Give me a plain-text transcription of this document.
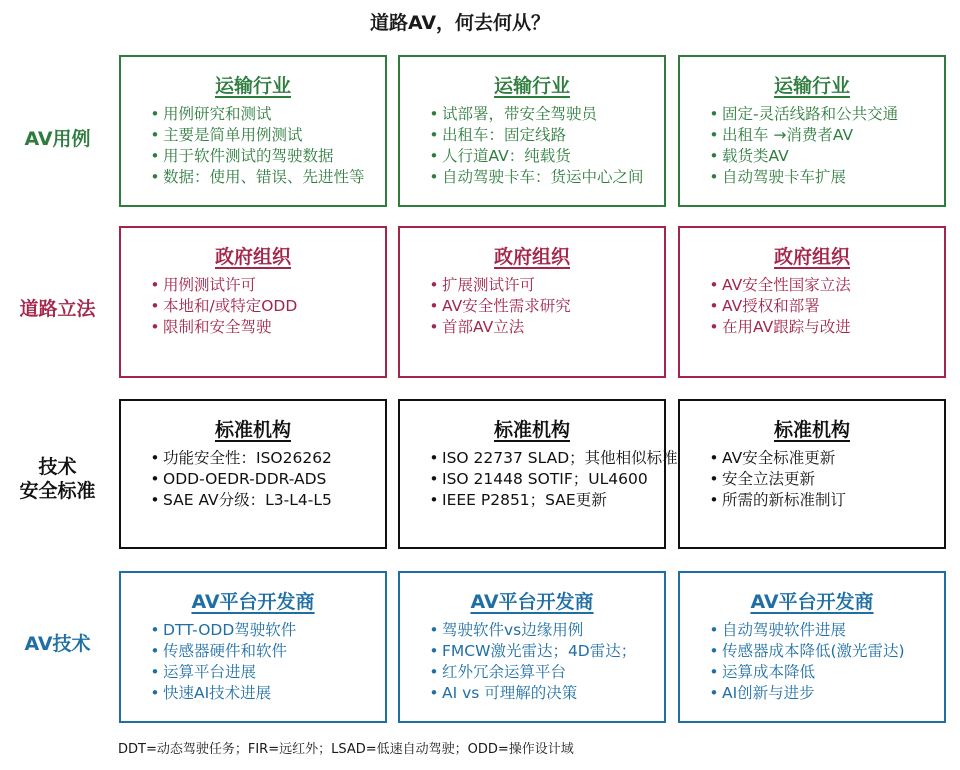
道路AV，何去何从？
AV用例
运输行业
• 用例研究和测试
• 主要是简单用例测试
• 用于软件测试的驾驶数据
• 数据：使用、错误、先进性等
运输行业
• 试部署，带安全驾驶员
• 出租车：固定线路
• 人行道AV：纯载货
• 自动驾驶卡车：货运中心之间
运输行业
• 固定-灵活线路和公共交通
• 出租车 →消费者AV
• 载货类AV
• 自动驾驶卡车扩展
道路立法
政府组织
• 用例测试许可
• 本地和/或特定ODD
• 限制和安全驾驶
政府组织
• 扩展测试许可
• AV安全性需求研究
• 首部AV立法
政府组织
• AV安全性国家立法
• AV授权和部署
• 在用AV跟踪与改进
技术
安全标准
标准机构
• 功能安全性：ISO26262
• ODD-OEDR-DDR-ADS
• SAE AV分级：L3-L4-L5
标准机构
• ISO 22737 SLAD；其他相似标准
• ISO 21448 SOTIF；UL4600
• IEEE P2851；SAE更新
标准机构
• AV安全标准更新
• 安全立法更新
• 所需的新标准制订
AV技术
AV平台开发商
• DTT-ODD驾驶软件
• 传感器硬件和软件
• 运算平台进展
• 快速AI技术进展
AV平台开发商
• 驾驶软件vs边缘用例
• FMCW激光雷达；4D雷达；
• 红外冗余运算平台
• AI vs 可理解的决策
AV平台开发商
• 自动驾驶软件进展
• 传感器成本降低(激光雷达)
• 运算成本降低
• AI创新与进步
DDT=动态驾驶任务；FIR=远红外；LSAD=低速自动驾驶；ODD=操作设计域
